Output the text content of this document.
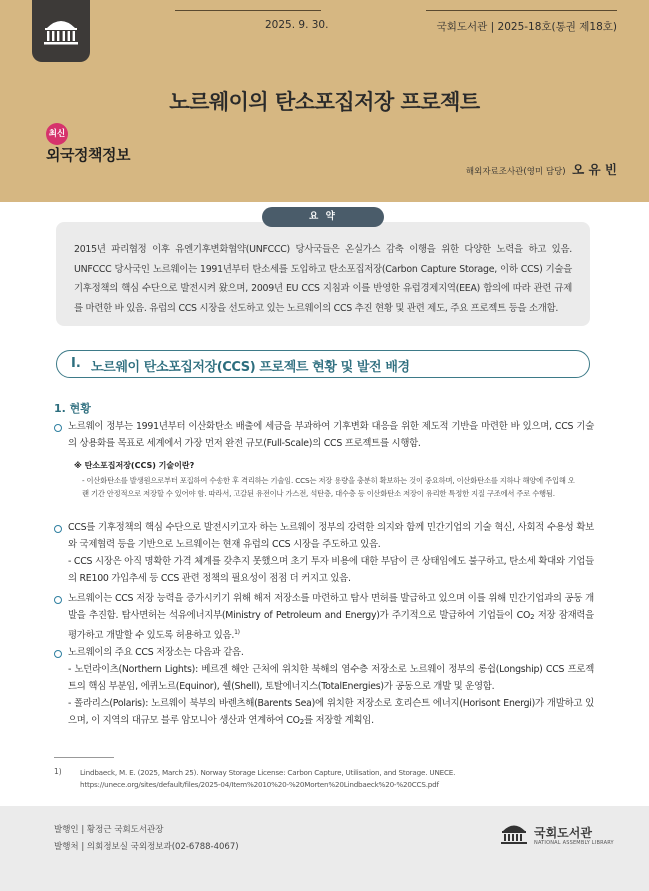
2025. 9. 30.	국회도서관 | 2025-18호(통권 제18호)
노르웨이의 탄소포집저장 프로젝트
최신
외국정책정보
해외자료조사관(영미 담당) 오 유 빈
요 약
2015년 파리협정 이후 유엔기후변화협약(UNFCCC) 당사국들은 온실가스 감축 이행을 위한 다양한 노력을 하고 있음. UNFCCC 당사국인 노르웨이는 1991년부터 탄소세를 도입하고 탄소포집저장(Carbon Capture Storage, 이하 CCS) 기술을 기후정책의 핵심 수단으로 발전시켜 왔으며, 2009년 EU CCS 지침과 이를 반영한 유럽경제지역(EEA) 합의에 따라 관련 규제를 마련한 바 있음. 유럽의 CCS 시장을 선도하고 있는 노르웨이의 CCS 추진 현황 및 관련 제도, 주요 프로젝트 등을 소개함.
Ⅰ. 노르웨이 탄소포집저장(CCS) 프로젝트 현황 및 발전 배경
1. 현황
노르웨이 정부는 1991년부터 이산화탄소 배출에 세금을 부과하여 기후변화 대응을 위한 제도적 기반을 마련한 바 있으며, CCS 기술의 상용화를 목표로 세계에서 가장 먼저 완전 규모(Full-Scale)의 CCS 프로젝트를 시행함.
※ 탄소포집저장(CCS) 기술이란?
- 이산화탄소를 발생원으로부터 포집하여 수송한 후 격리하는 기술임. CCS는 저장 용량을 충분히 확보하는 것이 중요하며, 이산화탄소를 지하나 해양에 주입해 오랜 기간 안정적으로 저장할 수 있어야 함. 따라서, 고갈된 유전이나 가스전, 석탄층, 대수층 등 이산화탄소 저장이 유리한 특정한 지질 구조에서 주로 수행됨.
CCS를 기후정책의 핵심 수단으로 발전시키고자 하는 노르웨이 정부의 강력한 의지와 함께 민간기업의 기술 혁신, 사회적 수용성 확보와 국제협력 등을 기반으로 노르웨이는 현재 유럽의 CCS 시장을 주도하고 있음.
- CCS 시장은 아직 명확한 가격 체계를 갖추지 못했으며 초기 투자 비용에 대한 부담이 큰 상태임에도 불구하고, 탄소세 확대와 기업들의 RE100 가입추세 등 CCS 관련 정책의 필요성이 점점 더 커지고 있음.
노르웨이는 CCS 저장 능력을 증가시키기 위해 해저 저장소를 마련하고 탐사 면허를 발급하고 있으며 이를 위해 민간기업과의 공동 개발을 추진함. 탐사면허는 석유에너지부(Ministry of Petroleum and Energy)가 주기적으로 발급하여 기업들이 $CO_2$ 저장 잠재력을 평가하고 개발할 수 있도록 허용하고 있음.$^{1)}$
노르웨이의 주요 CCS 저장소는 다음과 같음.
- 노던라이츠(Northern Lights): 베르겐 해안 근처에 위치한 북해의 염수층 저장소로 노르웨이 정부의 롱쉽(Longship) CCS 프로젝트의 핵심 부분임, 에퀴노르(Equinor), 쉘(Shell), 토탈에너지스(TotalEnergies)가 공동으로 개발 및 운영함.
- 폴라리스(Polaris): 노르웨이 북부의 바렌츠해(Barents Sea)에 위치한 저장소로 호리슨트 에너지(Horisont Energi)가 개발하고 있으며, 이 지역의 대규모 블루 암모니아 생산과 연계하여 $CO_2$를 저장할 계획임.
1)	Lindbaeck, M. E. (2025, March 25). Norway Storage License: Carbon Capture, Utilisation, and Storage. UNECE. https://unece.org/sites/default/files/2025-04/Item%2010%20-%20Morten%20Lindbaeck%20-%20CCS.pdf
발행인 | 황정근 국회도서관장
발행처 | 의회정보실 국외정보과(02-6788-4067)
국회도서관
NATIONAL ASSEMBLY LIBRARY
